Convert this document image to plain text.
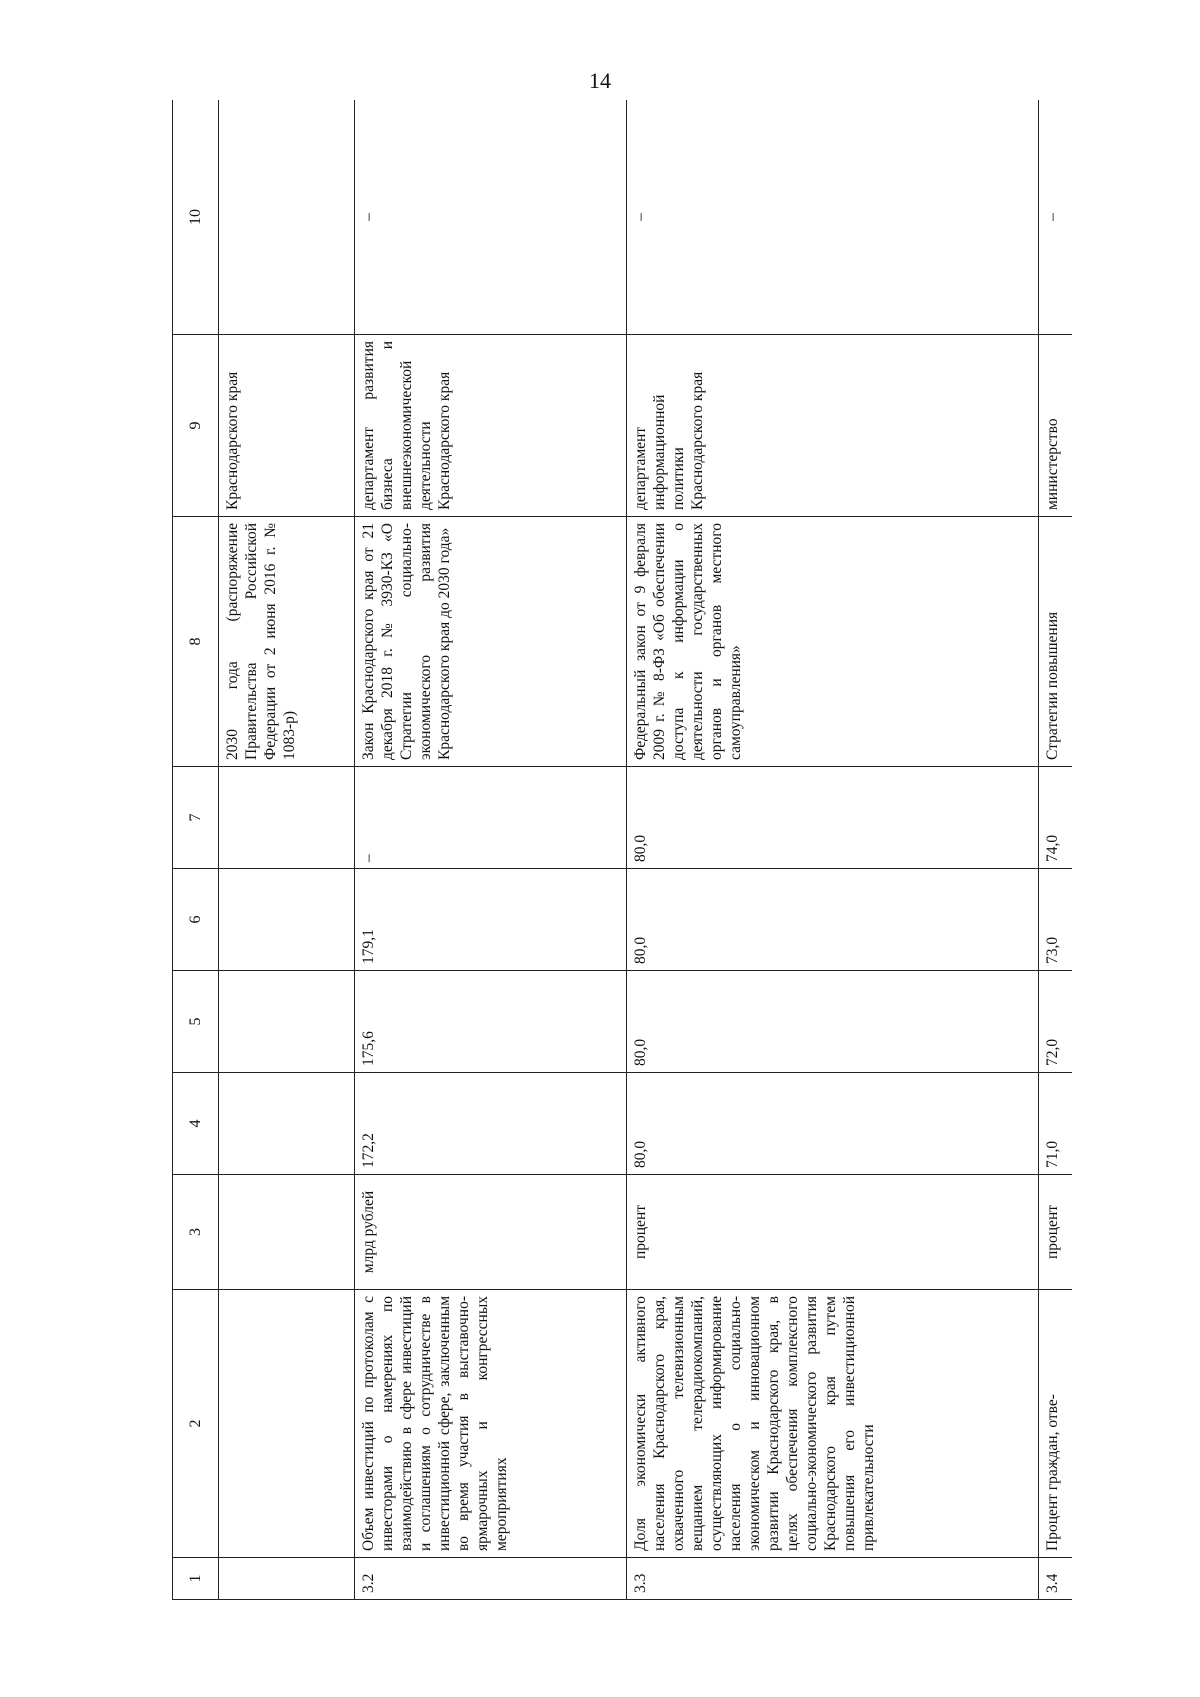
14
1	2	3	4	5	6	7	8	9	10
							2030 года (распоряжение Правительства Российской Федерации от 2 июня 2016 г. № 1083-р)	Краснодарского края	
3.2	Объем инвестиций по протоколам с инвесторами о намерениях по взаимодействию в сфере инвестиций и соглашениям о сотрудничестве в инвестиционной сфере, заключенным во время участия в выставочно-ярмарочных и конгрессных мероприятиях	млрд рублей	172,2	175,6	179,1	–	Закон Краснодарского края от 21 декабря 2018 г. № 3930-КЗ «О Стратегии социально-экономического развития Краснодарского края до 2030 года»	департамент развития бизнеса и внешнеэкономической деятельности Краснодарского края	–
3.3	Доля экономически активного населения Краснодарского края, охваченного телевизионным вещанием телерадиокомпаний, осуществляющих информирование населения о социально-экономическом и инновационном развитии Краснодарского края, в целях обеспечения комплексного социально-экономического развития Краснодарского края путем повышения его инвестиционной привлекательности	процент	80,0	80,0	80,0	80,0	Федеральный закон от 9 февраля 2009 г. № 8-ФЗ «Об обеспечении доступа к информации о деятельности государственных органов и органов местного самоуправления»	департамент информационной политики Краснодарского края	–
3.4	Процент граждан, отве-	процент	71,0	72,0	73,0	74,0	Стратегии повышения	министерство	–
